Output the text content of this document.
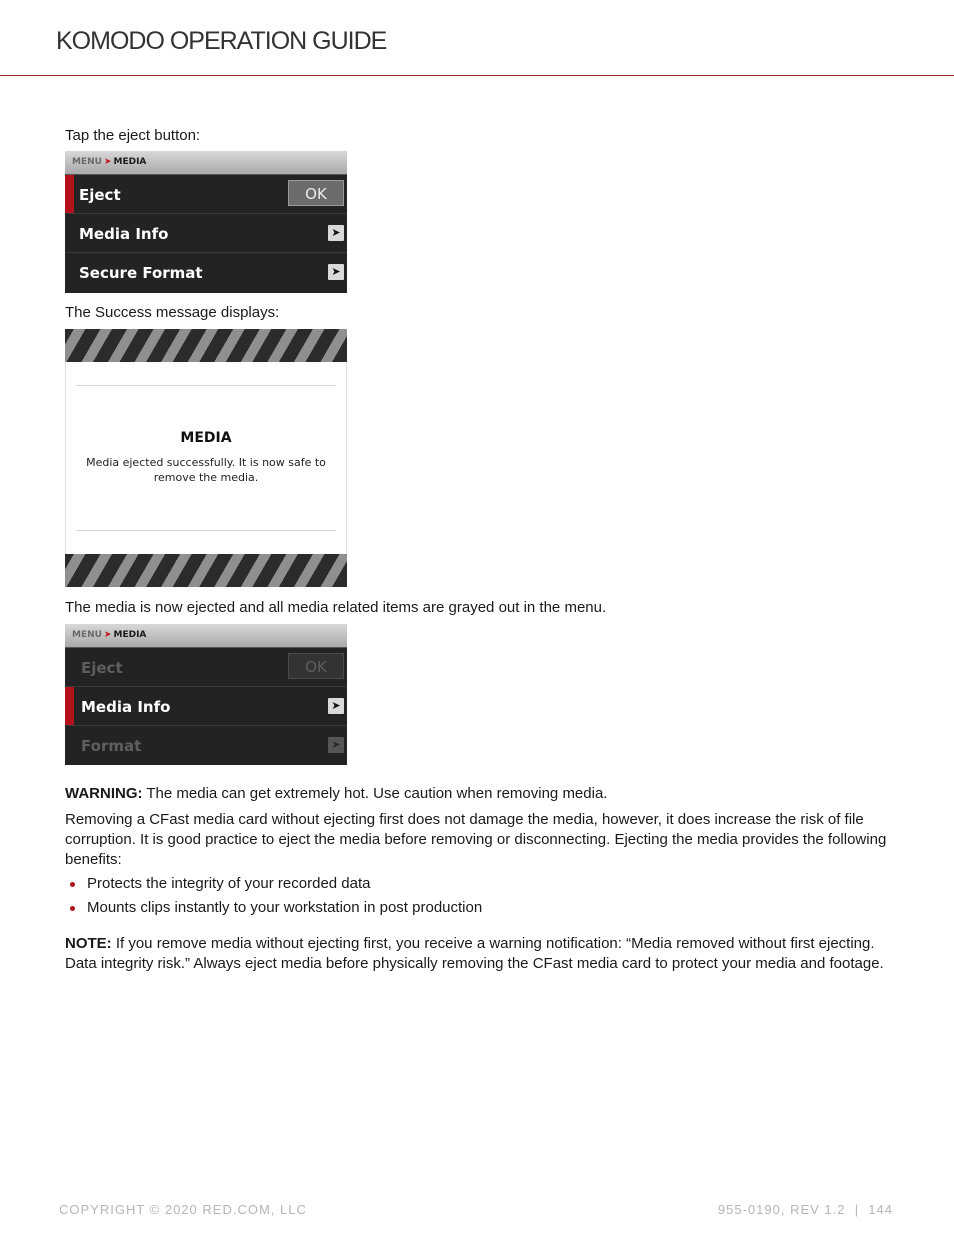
KOMODO OPERATION GUIDE

Tap the eject button:

MENU ➤ MEDIA
Eject	OK
Media Info	➤
Secure Format	➤

The Success message displays:

MEDIA
Media ejected successfully. It is now safe to remove the media.

The media is now ejected and all media related items are grayed out in the menu.

MENU ➤ MEDIA
Eject	OK
Media Info	➤
Format	➤

WARNING: The media can get extremely hot. Use caution when removing media.

Removing a CFast media card without ejecting first does not damage the media, however, it does increase the risk of file corruption. It is good practice to eject the media before removing or disconnecting. Ejecting the media provides the following benefits:

Protects the integrity of your recorded data
Mounts clips instantly to your workstation in post production

NOTE: If you remove media without ejecting first, you receive a warning notification: “Media removed without first ejecting. Data integrity risk.” Always eject media before physically removing the CFast media card to protect your media and footage.

COPYRIGHT © 2020 RED.COM, LLC	955-0190, REV 1.2  |  144
